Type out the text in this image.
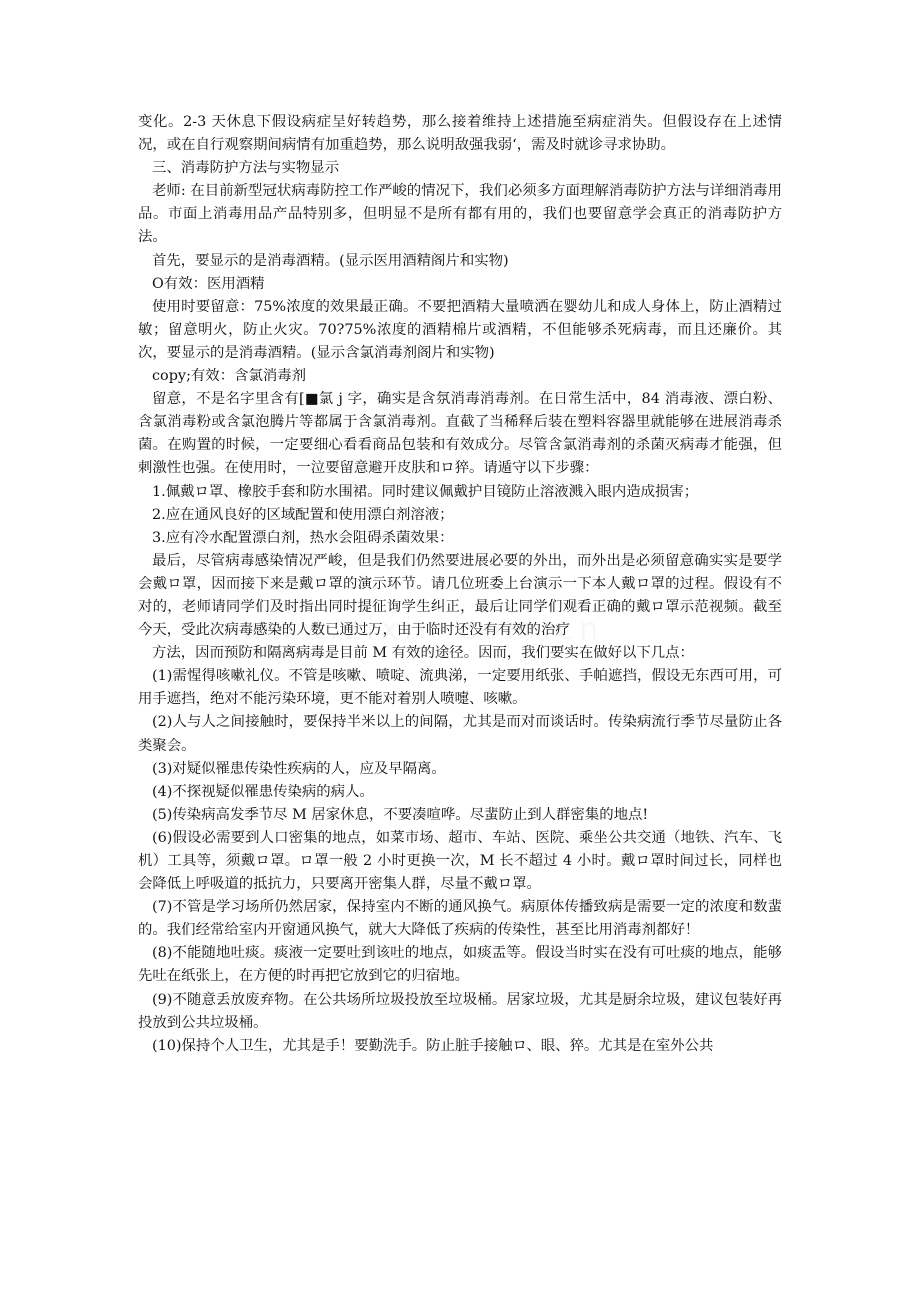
变化。2-3 天休息下假设病症呈好转趋势，那么接着维持上述措施至病症消失。但假设存在上述情况，或在自行观察期间病情有加重趋势，那么说明敌强我弱‘，需及时就诊寻求协助。

三、消毒防护方法与实物显示

老师: 在目前新型冠状病毒防控工作严峻的情况下，我们必须多方面理解消毒防护方法与详细消毒用品。市面上消毒用品产品特别多，但明显不是所有都有用的，我们也要留意学会真正的消毒防护方法。

首先，要显示的是消毒酒精。(显示医用酒精阁片和实物)

O有效：医用酒精

使用时要留意：75%浓度的效果最正确。不要把酒精大量喷洒在婴幼儿和成人身体上，防止酒精过敏；留意明火，防止火灾。70?75%浓度的酒精棉片或酒精，不但能够杀死病毒，而且还廉价。其次，要显示的是消毒酒精。(显示含氯消毒剂阁片和实物)

copy;有效：含氯消毒剂

留意，不是名字里含有[■氯 j 字，确实是含氛消毒消毒剂。在日常生活中，84 消毒液、漂白粉、含氯消毒粉或含氯泡腾片等都属于含氯消毒剂。直截了当稀释后装在塑料容器里就能够在进展消毒杀菌。在购置的时候，一定要细心看看商品包装和有效成分。尽管含氯消毒剂的杀菌灭病毒才能强，但刺激性也强。在使用时，一泣要留意避开皮肤和ロ猝。请遁守以下步骤：

1.佩戴ロ罩、橡胶手套和防水围裙。同时建议佩戴护目镜防止溶液溅入眼内造成损害；

2.应在通风良好的区域配置和使用漂白剂溶液；

3.应有冷水配置漂白剂，热水会阻碍杀菌效果：

最后，尽管病毒感染情况严峻，但是我们仍然要进展必要的外出，而外出是必须留意确实实是要学会戴ロ罩，因而接下来是戴ロ罩的演示环节。请几位班委上台演示一下本人戴ロ罩的过程。假设有不对的，老师请同学们及时指出同时提征询学生纠正，最后让同学们观看正确的戴ロ罩示范视频。截至今天，受此次病毒感染的人数已通过万，由于临时还没有有效的治疗

方法，因而预防和隔离病毒是目前 M 有效的途径。因而，我们要实在做好以下几点：

(1)需惺得咳嗽礼仪。不管是咳嗽、喷啶、流典涕，一定要用纸张、手帕遮挡，假设无东西可用，可用手遮挡，绝对不能污染环境，更不能对着别人喷嚏、咳嗽。

(2)人与人之间接触时，要保持半米以上的间隔，尤其是而对而谈话时。传染病流行季节尽量防止各类聚会。

(3)对疑似罹患传染性疾病的人，应及早隔离。

(4)不探视疑似罹患传染病的病人。

(5)传染病高发季节尽 M 居家休息，不要凑喧哗。尽蜚防止到人群密集的地点!

(6)假设必需要到人口密集的地点，如菜市场、超市、车站、医院、乘坐公共交通（地铁、汽车、飞机）工具等，须戴ロ罩。ロ罩一般 2 小时更换一次，M 长不超过 4 小时。戴ロ罩时间过长，同样也会降低上呼吸道的抵抗力，只要离开密集人群，尽量不戴ロ罩。

(7)不管是学习场所仍然居家，保持室内不断的通风换气。病原体传播致病是需要一定的浓度和数蜚的。我们经常给室内开窗通风换气，就大大降低了疾病的传染性，甚至比用消毒剂都好！

(8)不能随地吐痰。痰液一定要吐到该吐的地点，如痰盂等。假设当时实在没有可吐痰的地点，能够先吐在纸张上，在方便的时再把它放到它的归宿地。

(9)不随意丢放废弃物。在公共场所垃圾投放至垃圾桶。居家垃圾，尤其是厨余垃圾，建议包装好再投放到公共垃圾桶。

(10)保持个人卫生，尤其是手！要勤洗手。防止脏手接触ロ、眼、猝。尤其是在室外公共
